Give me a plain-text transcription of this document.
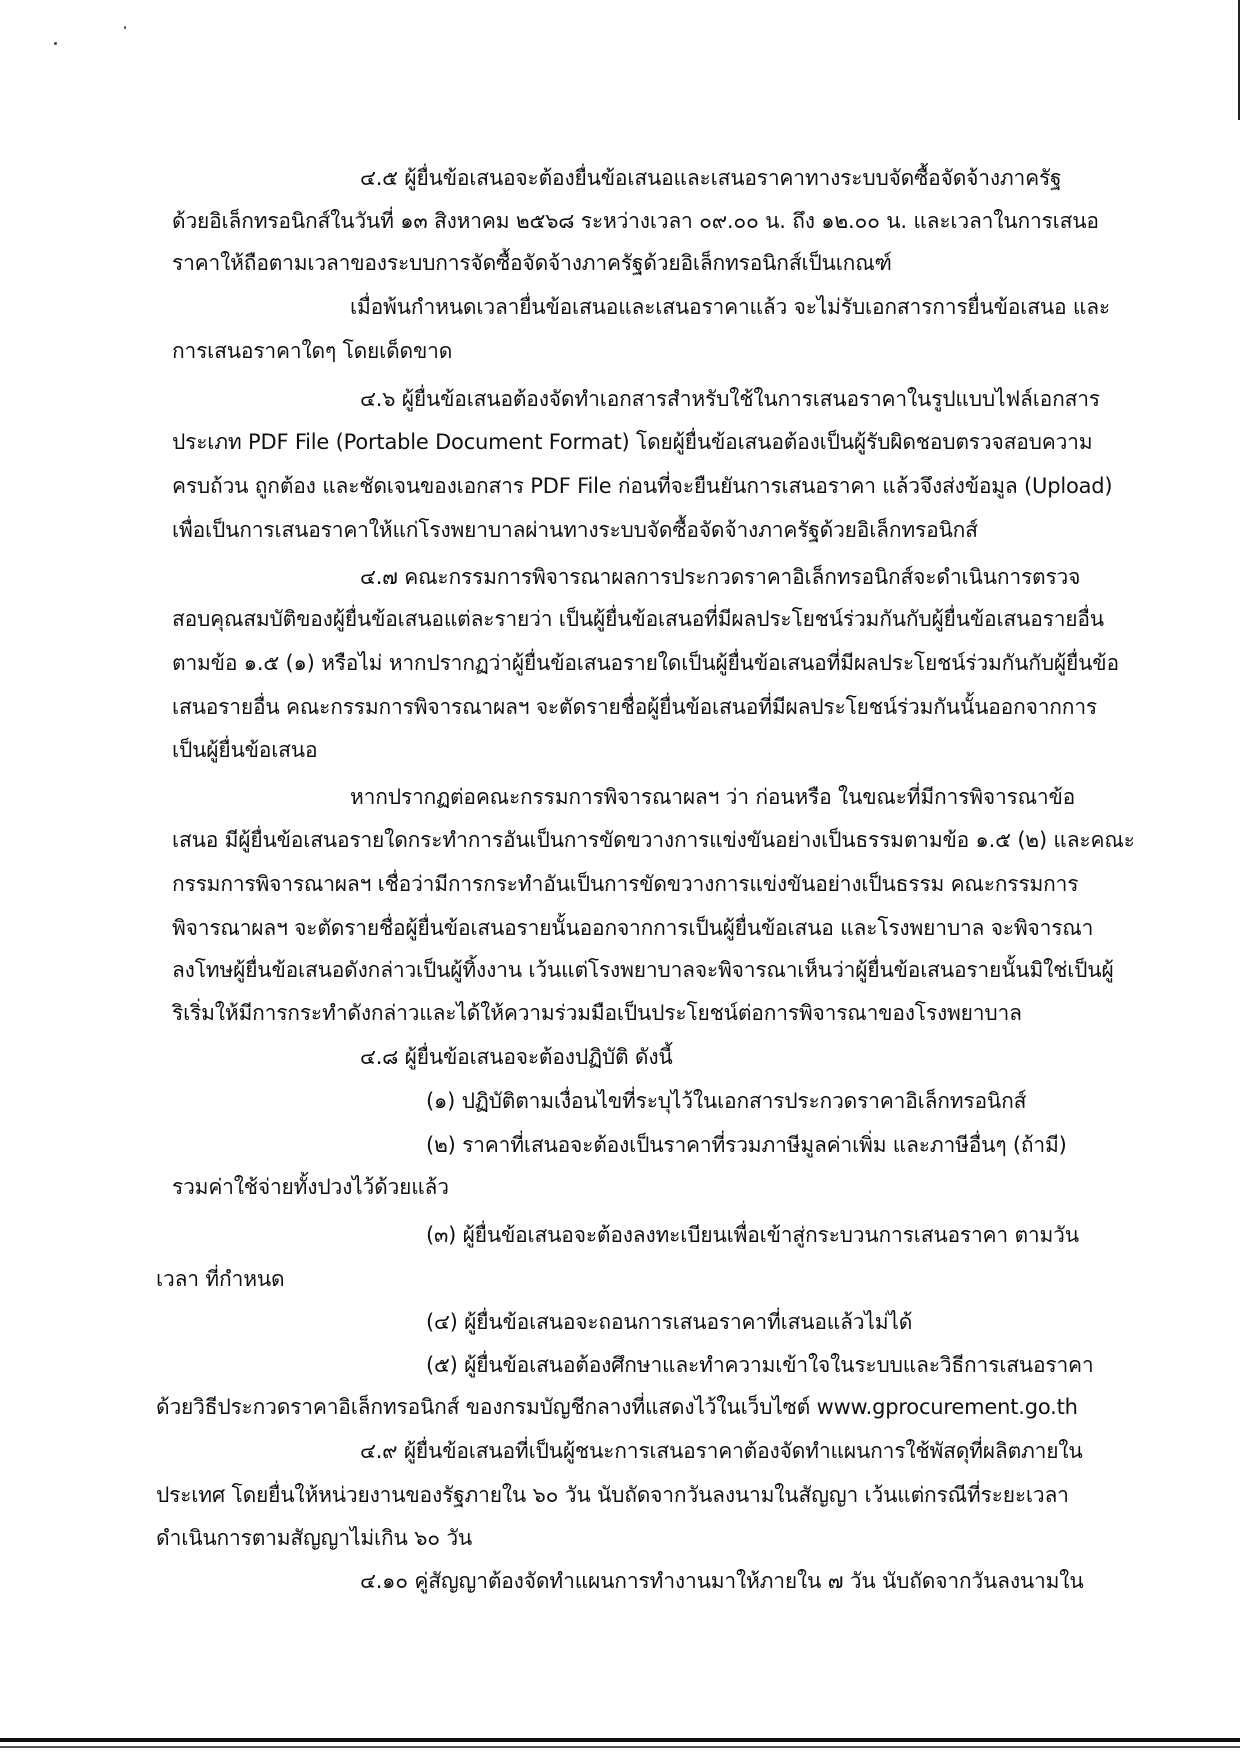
๔.๕ ผู้ยื่นข้อเสนอจะต้องยื่นข้อเสนอและเสนอราคาทางระบบจัดซื้อจัดจ้างภาครัฐ
ด้วยอิเล็กทรอนิกส์ในวันที่ ๑๓ สิงหาคม ๒๕๖๘ ระหว่างเวลา ๐๙.๐๐ น. ถึง ๑๒.๐๐ น. และเวลาในการเสนอ
ราคาให้ถือตามเวลาของระบบการจัดซื้อจัดจ้างภาครัฐด้วยอิเล็กทรอนิกส์เป็นเกณฑ์
เมื่อพ้นกำหนดเวลายื่นข้อเสนอและเสนอราคาแล้ว จะไม่รับเอกสารการยื่นข้อเสนอ และ
การเสนอราคาใดๆ โดยเด็ดขาด
๔.๖ ผู้ยื่นข้อเสนอต้องจัดทำเอกสารสำหรับใช้ในการเสนอราคาในรูปแบบไฟล์เอกสาร
ประเภท PDF File (Portable Document Format) โดยผู้ยื่นข้อเสนอต้องเป็นผู้รับผิดชอบตรวจสอบความ
ครบถ้วน ถูกต้อง และชัดเจนของเอกสาร PDF File ก่อนที่จะยืนยันการเสนอราคา แล้วจึงส่งข้อมูล (Upload)
เพื่อเป็นการเสนอราคาให้แก่โรงพยาบาลผ่านทางระบบจัดซื้อจัดจ้างภาครัฐด้วยอิเล็กทรอนิกส์
๔.๗ คณะกรรมการพิจารณาผลการประกวดราคาอิเล็กทรอนิกส์จะดำเนินการตรวจ
สอบคุณสมบัติของผู้ยื่นข้อเสนอแต่ละรายว่า เป็นผู้ยื่นข้อเสนอที่มีผลประโยชน์ร่วมกันกับผู้ยื่นข้อเสนอรายอื่น
ตามข้อ ๑.๕ (๑) หรือไม่ หากปรากฏว่าผู้ยื่นข้อเสนอรายใดเป็นผู้ยื่นข้อเสนอที่มีผลประโยชน์ร่วมกันกับผู้ยื่นข้อ
เสนอรายอื่น คณะกรรมการพิจารณาผลฯ จะตัดรายชื่อผู้ยื่นข้อเสนอที่มีผลประโยชน์ร่วมกันนั้นออกจากการ
เป็นผู้ยื่นข้อเสนอ
หากปรากฏต่อคณะกรรมการพิจารณาผลฯ ว่า ก่อนหรือ ในขณะที่มีการพิจารณาข้อ
เสนอ มีผู้ยื่นข้อเสนอรายใดกระทำการอันเป็นการขัดขวางการแข่งขันอย่างเป็นธรรมตามข้อ ๑.๕ (๒) และคณะ
กรรมการพิจารณาผลฯ เชื่อว่ามีการกระทำอันเป็นการขัดขวางการแข่งขันอย่างเป็นธรรม คณะกรรมการ
พิจารณาผลฯ จะตัดรายชื่อผู้ยื่นข้อเสนอรายนั้นออกจากการเป็นผู้ยื่นข้อเสนอ และโรงพยาบาล จะพิจารณา
ลงโทษผู้ยื่นข้อเสนอดังกล่าวเป็นผู้ทิ้งงาน เว้นแต่โรงพยาบาลจะพิจารณาเห็นว่าผู้ยื่นข้อเสนอรายนั้นมิใช่เป็นผู้
ริเริ่มให้มีการกระทำดังกล่าวและได้ให้ความร่วมมือเป็นประโยชน์ต่อการพิจารณาของโรงพยาบาล
๔.๘ ผู้ยื่นข้อเสนอจะต้องปฏิบัติ ดังนี้
(๑) ปฏิบัติตามเงื่อนไขที่ระบุไว้ในเอกสารประกวดราคาอิเล็กทรอนิกส์
(๒) ราคาที่เสนอจะต้องเป็นราคาที่รวมภาษีมูลค่าเพิ่ม และภาษีอื่นๆ (ถ้ามี)
รวมค่าใช้จ่ายทั้งปวงไว้ด้วยแล้ว
(๓) ผู้ยื่นข้อเสนอจะต้องลงทะเบียนเพื่อเข้าสู่กระบวนการเสนอราคา ตามวัน
เวลา ที่กำหนด
(๔) ผู้ยื่นข้อเสนอจะถอนการเสนอราคาที่เสนอแล้วไม่ได้
(๕) ผู้ยื่นข้อเสนอต้องศึกษาและทำความเข้าใจในระบบและวิธีการเสนอราคา
ด้วยวิธีประกวดราคาอิเล็กทรอนิกส์ ของกรมบัญชีกลางที่แสดงไว้ในเว็บไซต์ www.gprocurement.go.th
๔.๙ ผู้ยื่นข้อเสนอที่เป็นผู้ชนะการเสนอราคาต้องจัดทำแผนการใช้พัสดุที่ผลิตภายใน
ประเทศ โดยยื่นให้หน่วยงานของรัฐภายใน ๖๐ วัน นับถัดจากวันลงนามในสัญญา เว้นแต่กรณีที่ระยะเวลา
ดำเนินการตามสัญญาไม่เกิน ๖๐ วัน
๔.๑๐ คู่สัญญาต้องจัดทำแผนการทำงานมาให้ภายใน ๗ วัน นับถัดจากวันลงนามใน
